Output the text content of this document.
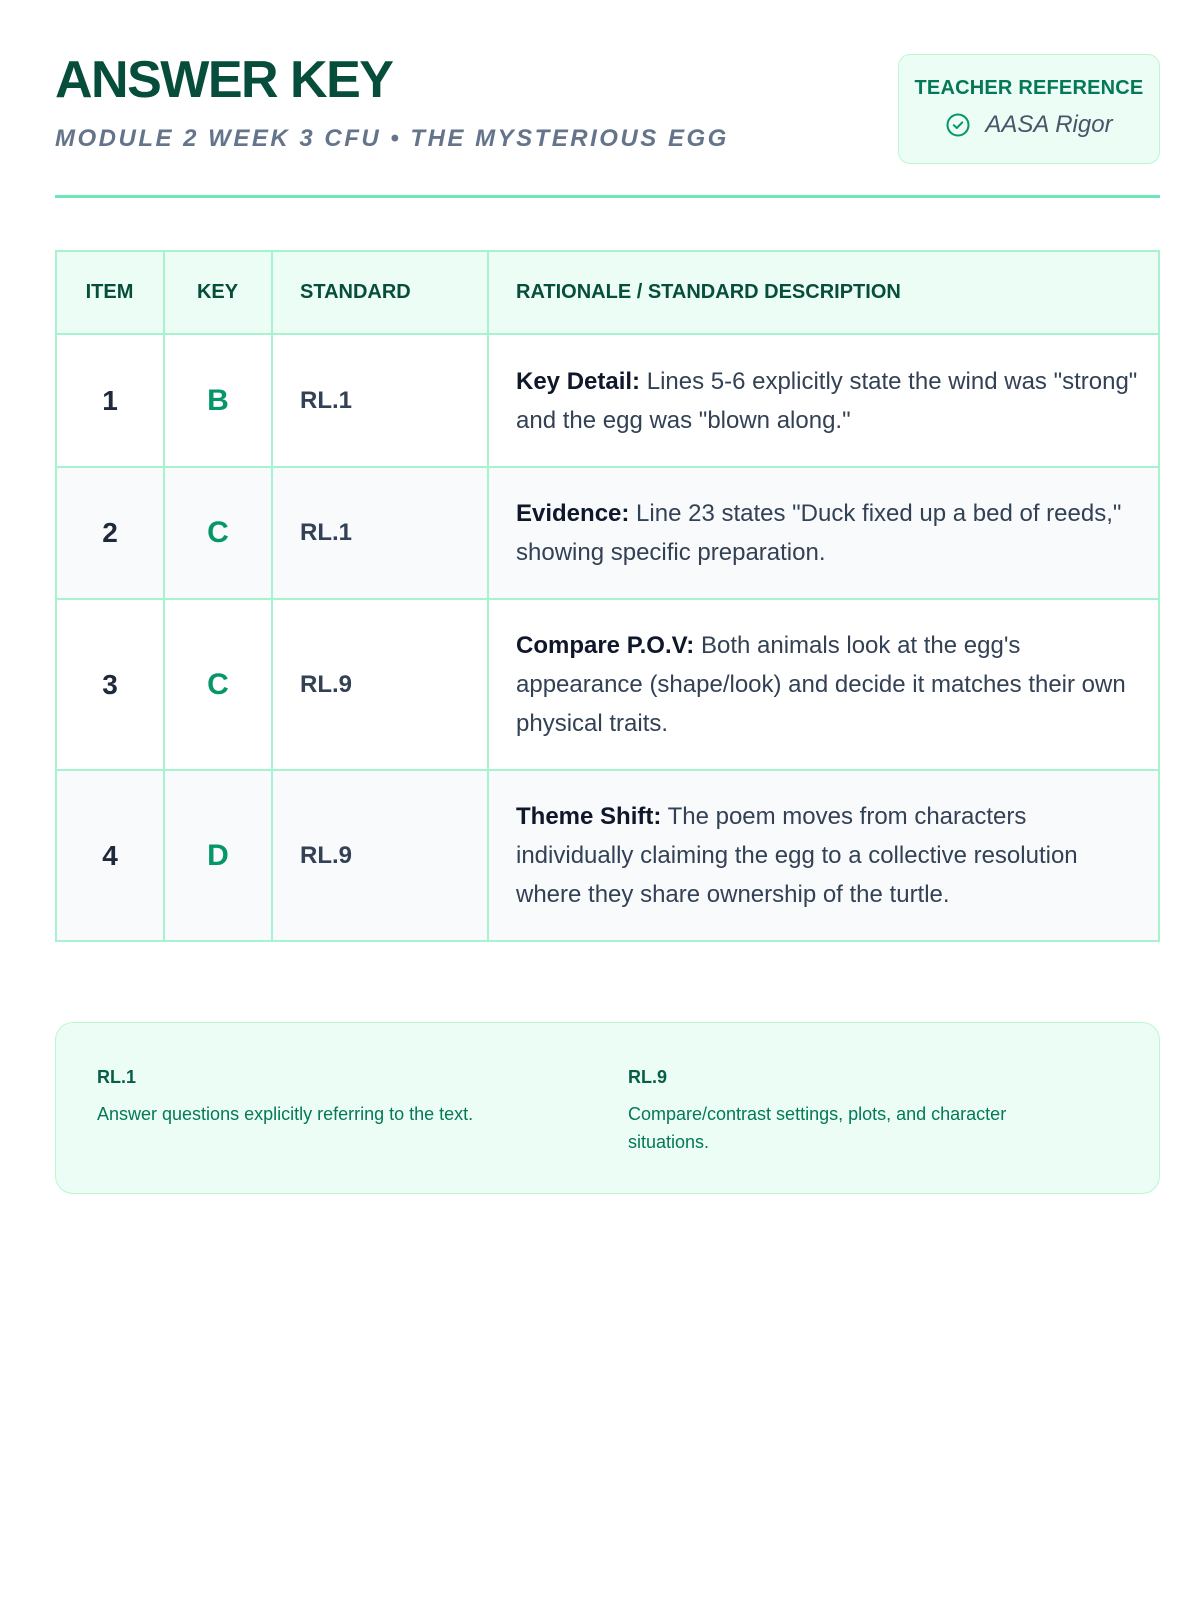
ANSWER KEY
MODULE 2 WEEK 3 CFU • THE MYSTERIOUS EGG
TEACHER REFERENCE
AASA Rigor
ITEM	KEY	STANDARD	RATIONALE / STANDARD DESCRIPTION
1	B	RL.1	Key Detail: Lines 5-6 explicitly state the wind was "strong" and the egg was "blown along."
2	C	RL.1	Evidence: Line 23 states "Duck fixed up a bed of reeds," showing specific preparation.
3	C	RL.9	Compare P.O.V: Both animals look at the egg's appearance (shape/look) and decide it matches their own physical traits.
4	D	RL.9	Theme Shift: The poem moves from characters individually claiming the egg to a collective resolution where they share ownership of the turtle.
RL.1
Answer questions explicitly referring to the text.
RL.9
Compare/contrast settings, plots, and character situations.
